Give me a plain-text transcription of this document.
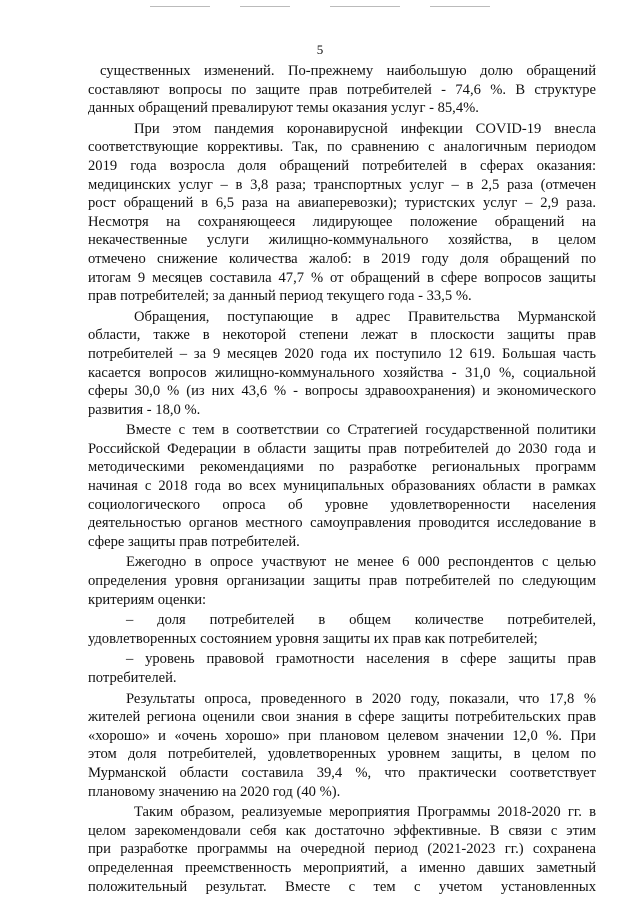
5
существенных изменений. По-прежнему наибольшую долю обращений
составляют вопросы по защите прав потребителей - 74,6 %. В структуре
данных обращений превалируют темы оказания услуг - 85,4%.
При этом пандемия коронавирусной инфекции COVID-19 внесла
соответствующие коррективы. Так, по сравнению с аналогичным периодом
2019 года возросла доля обращений потребителей в сферах оказания:
медицинских услуг – в 3,8 раза; транспортных услуг – в 2,5 раза (отмечен
рост обращений в 6,5 раза на авиаперевозки); туристских услуг – 2,9 раза.
Несмотря на сохраняющееся лидирующее положение обращений на
некачественные услуги жилищно-коммунального хозяйства, в целом
отмечено снижение количества жалоб: в 2019 году доля обращений по
итогам 9 месяцев составила 47,7 % от обращений в сфере вопросов защиты
прав потребителей; за данный период текущего года - 33,5 %.
Обращения, поступающие в адрес Правительства Мурманской
области, также в некоторой степени лежат в плоскости защиты прав
потребителей – за 9 месяцев 2020 года их поступило 12 619. Большая часть
касается вопросов жилищно-коммунального хозяйства - 31,0 %, социальной
сферы 30,0 % (из них 43,6 % - вопросы здравоохранения) и экономического
развития - 18,0 %.
Вместе с тем в соответствии со Стратегией государственной политики
Российской Федерации в области защиты прав потребителей до 2030 года и
методическими рекомендациями по разработке региональных программ
начиная с 2018 года во всех муниципальных образованиях области в рамках
социологического опроса об уровне удовлетворенности населения
деятельностью органов местного самоуправления проводится исследование в
сфере защиты прав потребителей.
Ежегодно в опросе участвуют не менее 6 000 респондентов с целью
определения уровня организации защиты прав потребителей по следующим
критериям оценки:
– доля потребителей в общем количестве потребителей,
удовлетворенных состоянием уровня защиты их прав как потребителей;
– уровень правовой грамотности населения в сфере защиты прав
потребителей.
Результаты опроса, проведенного в 2020 году, показали, что 17,8 %
жителей региона оценили свои знания в сфере защиты потребительских прав
«хорошо» и «очень хорошо» при плановом целевом значении 12,0 %. При
этом доля потребителей, удовлетворенных уровнем защиты, в целом по
Мурманской области составила 39,4 %, что практически соответствует
плановому значению на 2020 год (40 %).
Таким образом, реализуемые мероприятия Программы 2018-2020 гг. в
целом зарекомендовали себя как достаточно эффективные. В связи с этим
при разработке программы на очередной период (2021-2023 гг.) сохранена
определенная преемственность мероприятий, а именно давших заметный
положительный результат. Вместе с тем с учетом установленных
